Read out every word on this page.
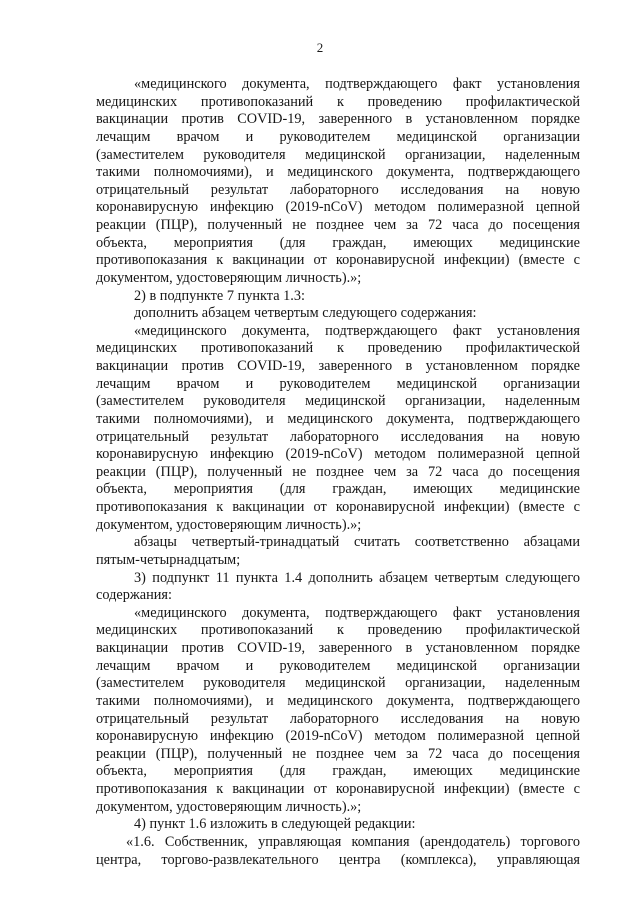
2
«медицинского документа, подтверждающего факт установления
медицинских противопоказаний к проведению профилактической
вакцинации против COVID-19, заверенного в установленном порядке
лечащим врачом и руководителем медицинской организации
(заместителем руководителя медицинской организации, наделенным
такими полномочиями), и медицинского документа, подтверждающего
отрицательный результат лабораторного исследования на новую
коронавирусную инфекцию (2019-nCoV) методом полимеразной цепной
реакции (ПЦР), полученный не позднее чем за 72 часа до посещения
объекта, мероприятия (для граждан, имеющих медицинские
противопоказания к вакцинации от коронавирусной инфекции) (вместе с
документом, удостоверяющим личность).»;
2) в подпункте 7 пункта 1.3:
дополнить абзацем четвертым следующего содержания:
«медицинского документа, подтверждающего факт установления
медицинских противопоказаний к проведению профилактической
вакцинации против COVID-19, заверенного в установленном порядке
лечащим врачом и руководителем медицинской организации
(заместителем руководителя медицинской организации, наделенным
такими полномочиями), и медицинского документа, подтверждающего
отрицательный результат лабораторного исследования на новую
коронавирусную инфекцию (2019-nCoV) методом полимеразной цепной
реакции (ПЦР), полученный не позднее чем за 72 часа до посещения
объекта, мероприятия (для граждан, имеющих медицинские
противопоказания к вакцинации от коронавирусной инфекции) (вместе с
документом, удостоверяющим личность).»;
абзацы четвертый-тринадцатый считать соответственно абзацами
пятым-четырнадцатым;
3) подпункт 11 пункта 1.4 дополнить абзацем четвертым следующего
содержания:
«медицинского документа, подтверждающего факт установления
медицинских противопоказаний к проведению профилактической
вакцинации против COVID-19, заверенного в установленном порядке
лечащим врачом и руководителем медицинской организации
(заместителем руководителя медицинской организации, наделенным
такими полномочиями), и медицинского документа, подтверждающего
отрицательный результат лабораторного исследования на новую
коронавирусную инфекцию (2019-nCoV) методом полимеразной цепной
реакции (ПЦР), полученный не позднее чем за 72 часа до посещения
объекта, мероприятия (для граждан, имеющих медицинские
противопоказания к вакцинации от коронавирусной инфекции) (вместе с
документом, удостоверяющим личность).»;
4) пункт 1.6 изложить в следующей редакции:
«1.6. Собственник, управляющая компания (арендодатель) торгового
центра, торгово-развлекательного центра (комплекса), управляющая
